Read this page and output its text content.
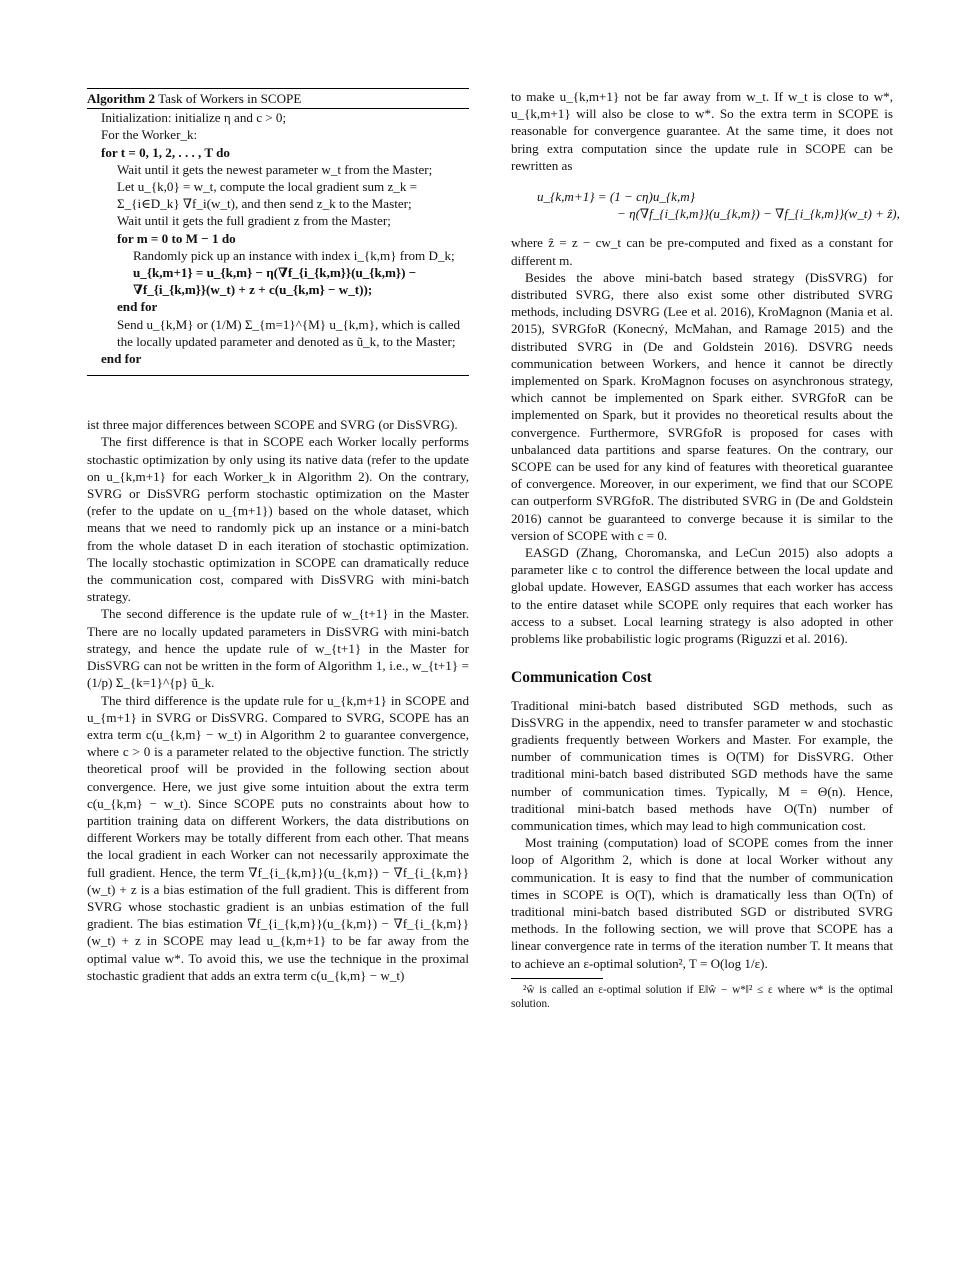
Algorithm 2 Task of Workers in SCOPE
Initialization: initialize η and c > 0;
For the Worker_k:
for t = 0, 1, 2, . . . , T do
Wait until it gets the newest parameter w_t from the Master;
Let u_{k,0} = w_t, compute the local gradient sum z_k = Σ_{i∈D_k} ∇f_i(w_t), and then send z_k to the Master;
Wait until it gets the full gradient z from the Master;
for m = 0 to M − 1 do
Randomly pick up an instance with index i_{k,m} from D_k;
u_{k,m+1} = u_{k,m} − η(∇f_{i_{k,m}}(u_{k,m}) − ∇f_{i_{k,m}}(w_t) + z + c(u_{k,m} − w_t));
end for
Send u_{k,M} or (1/M) Σ_{m=1}^{M} u_{k,m}, which is called the locally updated parameter and denoted as ũ_k, to the Master;
end for

ist three major differences between SCOPE and SVRG (or DisSVRG).

The first difference is that in SCOPE each Worker locally performs stochastic optimization by only using its native data (refer to the update on u_{k,m+1} for each Worker_k in Algorithm 2). On the contrary, SVRG or DisSVRG perform stochastic optimization on the Master (refer to the update on u_{m+1}) based on the whole dataset, which means that we need to randomly pick up an instance or a mini-batch from the whole dataset D in each iteration of stochastic optimization. The locally stochastic optimization in SCOPE can dramatically reduce the communication cost, compared with DisSVRG with mini-batch strategy.

The second difference is the update rule of w_{t+1} in the Master. There are no locally updated parameters in DisSVRG with mini-batch strategy, and hence the update rule of w_{t+1} in the Master for DisSVRG can not be written in the form of Algorithm 1, i.e., w_{t+1} = (1/p) Σ_{k=1}^{p} ũ_k.

The third difference is the update rule for u_{k,m+1} in SCOPE and u_{m+1} in SVRG or DisSVRG. Compared to SVRG, SCOPE has an extra term c(u_{k,m} − w_t) in Algorithm 2 to guarantee convergence, where c > 0 is a parameter related to the objective function. The strictly theoretical proof will be provided in the following section about convergence. Here, we just give some intuition about the extra term c(u_{k,m} − w_t). Since SCOPE puts no constraints about how to partition training data on different Workers, the data distributions on different Workers may be totally different from each other. That means the local gradient in each Worker can not necessarily approximate the full gradient. Hence, the term ∇f_{i_{k,m}}(u_{k,m}) − ∇f_{i_{k,m}}(w_t) + z is a bias estimation of the full gradient. This is different from SVRG whose stochastic gradient is an unbias estimation of the full gradient. The bias estimation ∇f_{i_{k,m}}(u_{k,m}) − ∇f_{i_{k,m}}(w_t) + z in SCOPE may lead u_{k,m+1} to be far away from the optimal value w*. To avoid this, we use the technique in the proximal stochastic gradient that adds an extra term c(u_{k,m} − w_t)

to make u_{k,m+1} not be far away from w_t. If w_t is close to w*, u_{k,m+1} will also be close to w*. So the extra term in SCOPE is reasonable for convergence guarantee. At the same time, it does not bring extra computation since the update rule in SCOPE can be rewritten as

u_{k,m+1} = (1 − cη)u_{k,m}
− η(∇f_{i_{k,m}}(u_{k,m}) − ∇f_{i_{k,m}}(w_t) + ẑ),

where ẑ = z − cw_t can be pre-computed and fixed as a constant for different m.

Besides the above mini-batch based strategy (DisSVRG) for distributed SVRG, there also exist some other distributed SVRG methods, including DSVRG (Lee et al. 2016), KroMagnon (Mania et al. 2015), SVRGfoR (Konecný, McMahan, and Ramage 2015) and the distributed SVRG in (De and Goldstein 2016). DSVRG needs communication between Workers, and hence it cannot be directly implemented on Spark. KroMagnon focuses on asynchronous strategy, which cannot be implemented on Spark either. SVRGfoR can be implemented on Spark, but it provides no theoretical results about the convergence. Furthermore, SVRGfoR is proposed for cases with unbalanced data partitions and sparse features. On the contrary, our SCOPE can be used for any kind of features with theoretical guarantee of convergence. Moreover, in our experiment, we find that our SCOPE can outperform SVRGfoR. The distributed SVRG in (De and Goldstein 2016) cannot be guaranteed to converge because it is similar to the version of SCOPE with c = 0.

EASGD (Zhang, Choromanska, and LeCun 2015) also adopts a parameter like c to control the difference between the local update and global update. However, EASGD assumes that each worker has access to the entire dataset while SCOPE only requires that each worker has access to a subset. Local learning strategy is also adopted in other problems like probabilistic logic programs (Riguzzi et al. 2016).

Communication Cost

Traditional mini-batch based distributed SGD methods, such as DisSVRG in the appendix, need to transfer parameter w and stochastic gradients frequently between Workers and Master. For example, the number of communication times is O(TM) for DisSVRG. Other traditional mini-batch based distributed SGD methods have the same number of communication times. Typically, M = Θ(n). Hence, traditional mini-batch based methods have O(Tn) number of communication times, which may lead to high communication cost.

Most training (computation) load of SCOPE comes from the inner loop of Algorithm 2, which is done at local Worker without any communication. It is easy to find that the number of communication times in SCOPE is O(T), which is dramatically less than O(Tn) of traditional mini-batch based distributed SGD or distributed SVRG methods. In the following section, we will prove that SCOPE has a linear convergence rate in terms of the iteration number T. It means that to achieve an ε-optimal solution², T = O(log 1/ε).

²ŵ is called an ε-optimal solution if E‖ŵ − w*‖² ≤ ε where w* is the optimal solution.
